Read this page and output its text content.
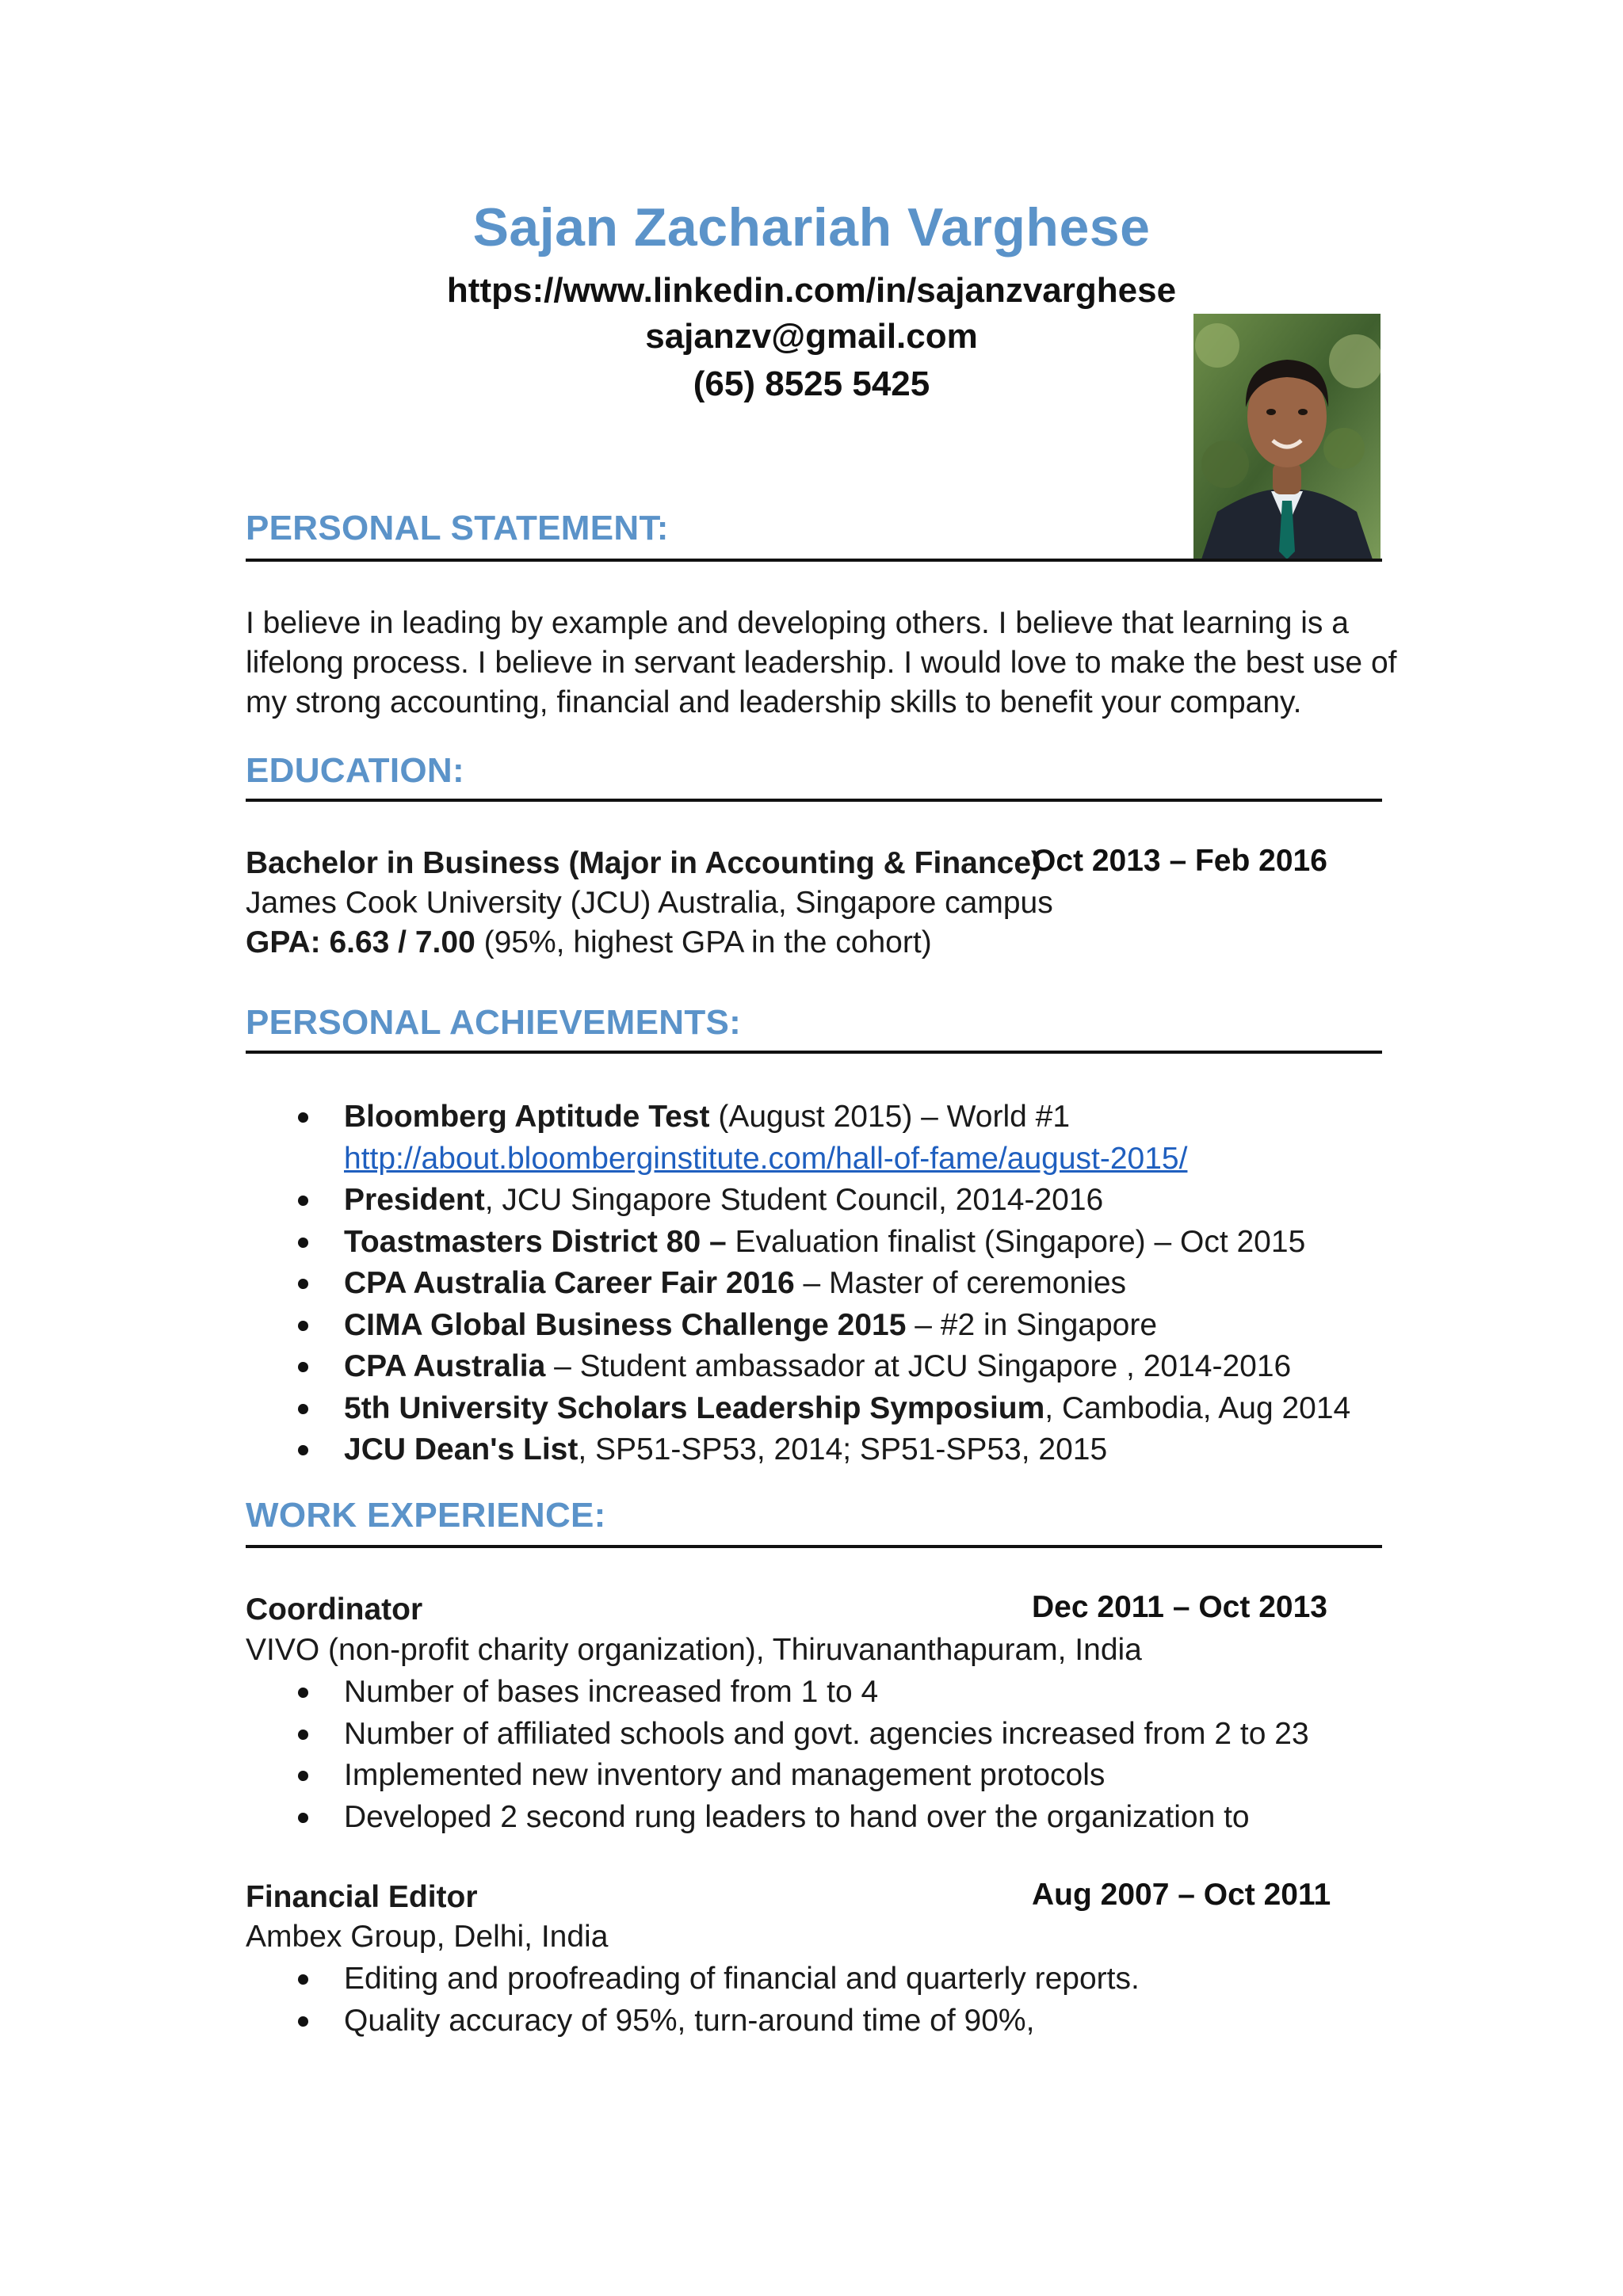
Sajan Zachariah Varghese
https://www.linkedin.com/in/sajanzvarghese
sajanzv@gmail.com
(65) 8525 5425
PERSONAL STATEMENT:
I believe in leading by example and developing others. I believe that learning is a
lifelong process. I believe in servant leadership. I would love to make the best use of
my strong accounting, financial and leadership skills to benefit your company.
EDUCATION:
Bachelor in Business (Major in Accounting & Finance)
Oct 2013 – Feb 2016
James Cook University (JCU) Australia, Singapore campus
GPA: 6.63 / 7.00 (95%, highest GPA in the cohort)
PERSONAL ACHIEVEMENTS:
Bloomberg Aptitude Test (August 2015) – World #1
http://about.bloomberginstitute.com/hall-of-fame/august-2015/
President, JCU Singapore Student Council, 2014-2016
Toastmasters District 80 – Evaluation finalist (Singapore) – Oct 2015
CPA Australia Career Fair 2016 – Master of ceremonies
CIMA Global Business Challenge 2015 – #2 in Singapore
CPA Australia – Student ambassador at JCU Singapore , 2014-2016
5th University Scholars Leadership Symposium, Cambodia, Aug 2014
JCU Dean's List, SP51-SP53, 2014; SP51-SP53, 2015
WORK EXPERIENCE:
Coordinator	Dec 2011 – Oct 2013
VIVO (non-profit charity organization), Thiruvananthapuram, India
Number of bases increased from 1 to 4
Number of affiliated schools and govt. agencies increased from 2 to 23
Implemented new inventory and management protocols
Developed 2 second rung leaders to hand over the organization to
Financial Editor	Aug 2007 – Oct 2011
Ambex Group, Delhi, India
Editing and proofreading of financial and quarterly reports.
Quality accuracy of 95%, turn-around time of 90%,
